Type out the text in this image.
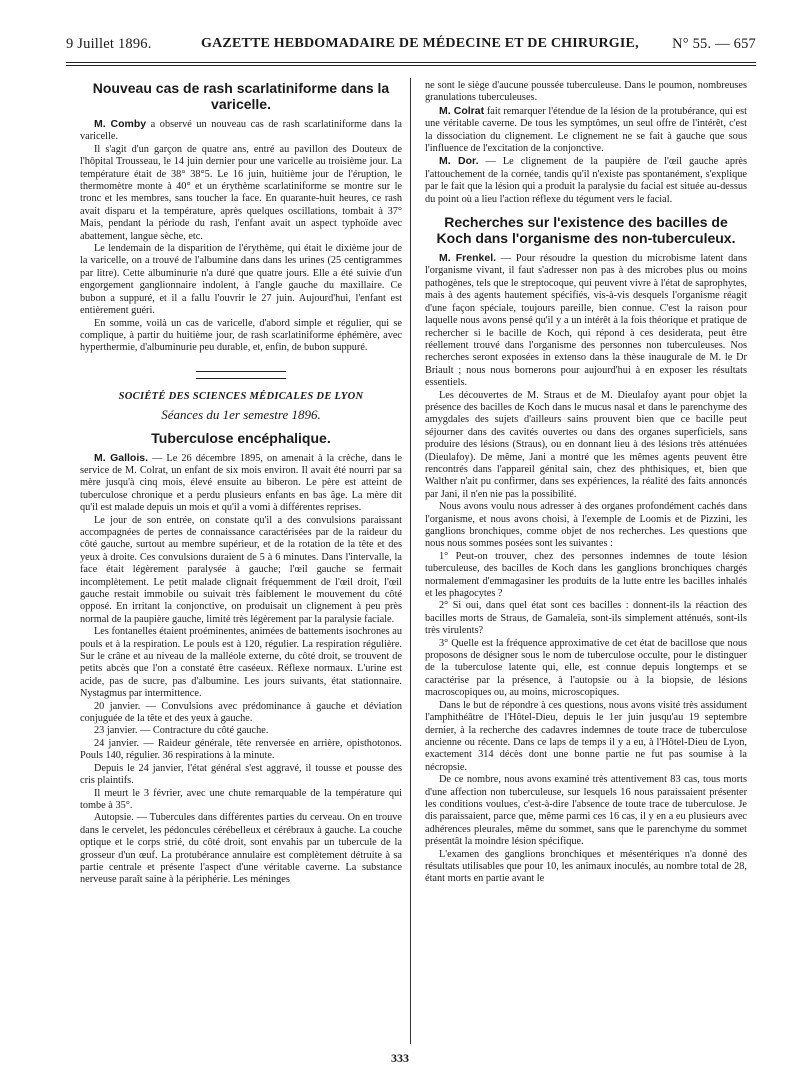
9 Juillet 1896.	GAZETTE HEBDOMADAIRE DE MÉDECINE ET DE CHIRURGIE, N° 55. — 657
Nouveau cas de rash scarlatiniforme dans la varicelle.

M. Comby a observé un nouveau cas de rash scarlatiniforme dans la varicelle.

Il s'agit d'un garçon de quatre ans, entré au pavillon des Douteux de l'hôpital Trousseau, le 14 juin dernier pour une varicelle au troisième jour. La température était de 38° 38°5. Le 16 juin, huitième jour de l'éruption, le thermomètre monte à 40° et un érythème scarlatiniforme se montre sur le tronc et les membres, sans toucher la face. En quarante-huit heures, ce rash avait disparu et la température, après quelques oscillations, tombait à 37° Mais, pendant la période du rash, l'enfant avait un aspect typhoïde avec abattement, langue sèche, etc.

Le lendemain de la disparition de l'érythème, qui était le dixième jour de la varicelle, on a trouvé de l'albumine dans dans les urines (25 centigrammes par litre). Cette albuminurie n'a duré que quatre jours. Elle a été suivie d'un engorgement ganglionnaire indolent, à l'angle gauche du maxillaire. Ce bubon a suppuré, et il a fallu l'ouvrir le 27 juin. Aujourd'hui, l'enfant est entièrement guéri.

En somme, voilà un cas de varicelle, d'abord simple et régulier, qui se complique, à partir du huitième jour, de rash scarlatiniforme éphémère, avec hyperthermie, d'albuminurie peu durable, et, enfin, de bubon suppuré.

SOCIÉTÉ DES SCIENCES MÉDICALES DE LYON
Séances du 1er semestre 1896.
Tuberculose encéphalique.

M. Gallois. — Le 26 décembre 1895, on amenait à la crèche, dans le service de M. Colrat, un enfant de six mois environ. Il avait été nourri par sa mère jusqu'à cinq mois, élevé ensuite au biberon. Le père est atteint de tuberculose chronique et a perdu plusieurs enfants en bas âge. La mère dit qu'il est malade depuis un mois et qu'il a vomi à différentes reprises.

Le jour de son entrée, on constate qu'il a des convulsions paraissant accompagnées de pertes de connaissance caractérisées par de la raideur du côté gauche, surtout au membre supérieur, et de la rotation de la tête et des yeux à droite. Ces convulsions duraient de 5 à 6 minutes. Dans l'intervalle, la face était légèrement paralysée à gauche; l'œil gauche se fermait incomplètement. Le petit malade clignait fréquemment de l'œil droit, l'œil gauche restait immobile ou suivait très faiblement le mouvement du côté opposé. En irritant la conjonctive, on produisait un clignement à peu près normal de la paupière gauche, limité très légèrement par la paralysie faciale.

Les fontanelles étaient proéminentes, animées de battements isochrones au pouls et à la respiration. Le pouls est à 120, régulier. La respiration régulière. Sur le crâne et au niveau de la malléole externe, du côté droit, se trouvent de petits abcès que l'on a constaté être caséeux. Réflexe normaux. L'urine est acide, pas de sucre, pas d'albumine. Les jours suivants, état stationnaire. Nystagmus par intermittence.

20 janvier. — Convulsions avec prédominance à gauche et déviation conjuguée de la tête et des yeux à gauche.

23 janvier. — Contracture du côté gauche.

24 janvier. — Raideur générale, tête renversée en arrière, opisthotonos. Pouls 140, régulier. 36 respirations à la minute.

Depuis le 24 janvier, l'état général s'est aggravé, il tousse et pousse des cris plaintifs.

Il meurt le 3 février, avec une chute remarquable de la température qui tombe à 35°.

Autopsie. — Tubercules dans différentes parties du cerveau. On en trouve dans le cervelet, les pédoncules cérébelleux et cérébraux à gauche. La couche optique et le corps strié, du côté droit, sont envahis par un tubercule de la grosseur d'un œuf. La protubérance annulaire est complètement détruite à sa partie centrale et présente l'aspect d'une véritable caverne. La substance nerveuse paraît saine à la périphérie. Les méninges

ne sont le siège d'aucune poussée tuberculeuse. Dans le poumon, nombreuses granulations tuberculeuses.

M. Colrat fait remarquer l'étendue de la lésion de la protubérance, qui est une véritable caverne. De tous les symptômes, un seul offre de l'intérêt, c'est la dissociation du clignement. Le clignement ne se fait à gauche que sous l'influence de l'excitation de la conjonctive.

M. Dor. — Le clignement de la paupière de l'œil gauche après l'attouchement de la cornée, tandis qu'il n'existe pas spontanément, s'explique par le fait que la lésion qui a produit la paralysie du facial est située au-dessus du point où a lieu l'action réflexe du tégument vers le facial.

Recherches sur l'existence des bacilles de Koch dans l'organisme des non-tuberculeux.

M. Frenkel. — Pour résoudre la question du microbisme latent dans l'organisme vivant, il faut s'adresser non pas à des microbes plus ou moins pathogènes, tels que le streptocoque, qui peuvent vivre à l'état de saprophytes, mais à des agents hautement spécifiés, vis-à-vis desquels l'organisme réagit d'une façon spéciale, toujours pareille, bien connue. C'est la raison pour laquelle nous avons pensé qu'il y a un intérêt à la fois théorique et pratique de rechercher si le bacille de Koch, qui répond à ces desiderata, peut être réellement trouvé dans l'organisme des personnes non tuberculeuses. Nos recherches seront exposées in extenso dans la thèse inaugurale de M. le Dr Briault ; nous nous bornerons pour aujourd'hui à en exposer les résultats essentiels.

Les découvertes de M. Straus et de M. Dieulafoy ayant pour objet la présence des bacilles de Koch dans le mucus nasal et dans le parenchyme des amygdales des sujets d'ailleurs sains prouvent bien que ce bacille peut séjourner dans des cavités ouvertes ou dans des organes superficiels, sans produire des lésions (Straus), ou en donnant lieu à des lésions très atténuées (Dieulafoy). De même, Jani a montré que les mêmes agents peuvent être rencontrés dans l'appareil génital sain, chez des phthisiques, et, bien que Walther n'ait pu confirmer, dans ses expériences, la réalité des faits annoncés par Jani, il n'en nie pas la possibilité.

Nous avons voulu nous adresser à des organes profondément cachés dans l'organisme, et nous avons choisi, à l'exemple de Loomis et de Pizzini, les ganglions bronchiques, comme objet de nos recherches. Les questions que nous nous sommes posées sont les suivantes :

1° Peut-on trouver, chez des personnes indemnes de toute lésion tuberculeuse, des bacilles de Koch dans les ganglions bronchiques chargés normalement d'emmagasiner les produits de la lutte entre les bacilles inhalés et les phagocytes ?

2° Si oui, dans quel état sont ces bacilles : donnent-ils la réaction des bacilles morts de Straus, de Gamaleïa, sont-ils simplement atténués, sont-ils très virulents?

3° Quelle est la fréquence approximative de cet état de bacillose que nous proposons de désigner sous le nom de tuberculose occulte, pour le distinguer de la tuberculose latente qui, elle, est connue depuis longtemps et se caractérise par la présence, à l'autopsie ou à la biopsie, de lésions macroscopiques ou, au moins, microscopiques.

Dans le but de répondre à ces questions, nous avons visité très assidument l'amphithéâtre de l'Hôtel-Dieu, depuis le 1er juin jusqu'au 19 septembre dernier, à la recherche des cadavres indemnes de toute trace de tuberculose ancienne ou récente. Dans ce laps de temps il y a eu, à l'Hôtel-Dieu de Lyon, exactement 314 décès dont une bonne partie ne fut pas soumise à la nécropsie.

De ce nombre, nous avons examiné très attentivement 83 cas, tous morts d'une affection non tuberculeuse, sur lesquels 16 nous paraissaient présenter les conditions voulues, c'est-à-dire l'absence de toute trace de tuberculose. Je dis paraissaient, parce que, même parmi ces 16 cas, il y en a eu plusieurs avec adhérences pleurales, même du sommet, sans que le parenchyme du sommet présentât la moindre lésion spécifique.

L'examen des ganglions bronchiques et mésentériques n'a donné des résultats utilisables que pour 10, les animaux inoculés, au nombre total de 28, étant morts en partie avant le

333
